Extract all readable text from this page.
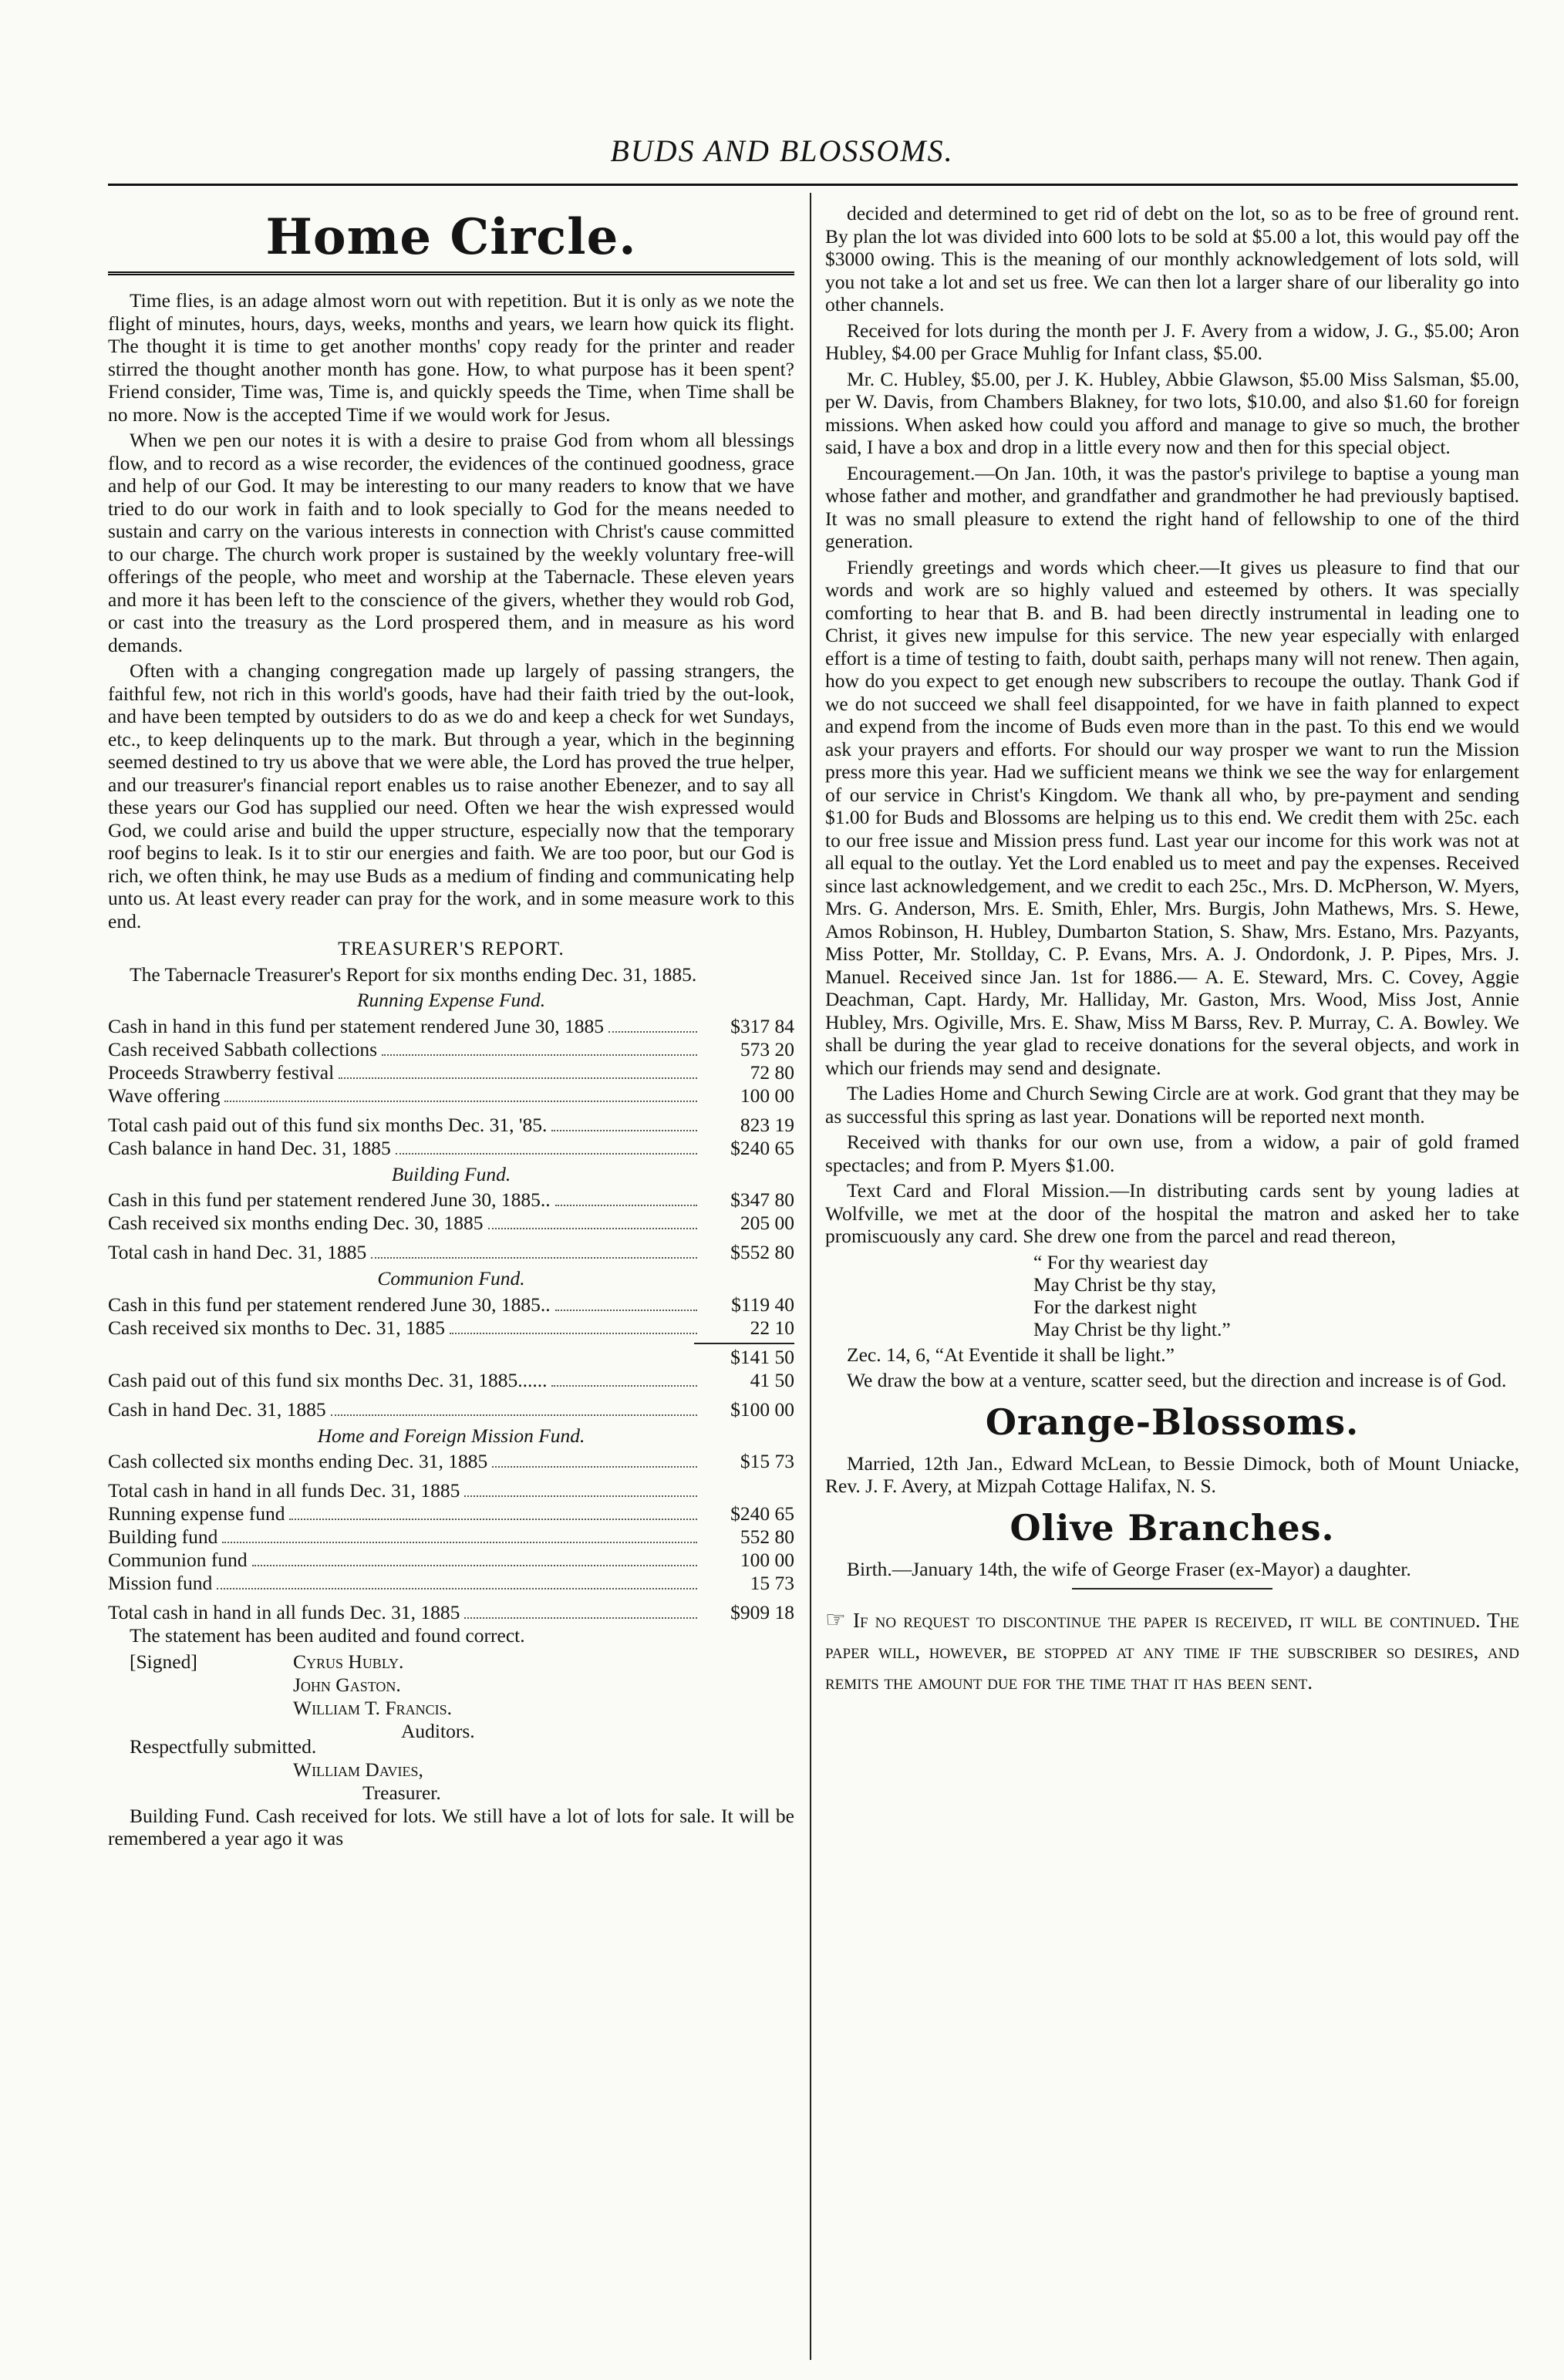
BUDS AND BLOSSOMS.
Home Circle.

Time flies, is an adage almost worn out with repetition. But it is only as we note the flight of minutes, hours, days, weeks, months and years, we learn how quick its flight. The thought it is time to get another months' copy ready for the printer and reader stirred the thought another month has gone. How, to what purpose has it been spent? Friend consider, Time was, Time is, and quickly speeds the Time, when Time shall be no more. Now is the accepted Time if we would work for Jesus.

When we pen our notes it is with a desire to praise God from whom all blessings flow, and to record as a wise recorder, the evidences of the continued goodness, grace and help of our God. It may be interesting to our many readers to know that we have tried to do our work in faith and to look specially to God for the means needed to sustain and carry on the various interests in connection with Christ's cause committed to our charge. The church work proper is sustained by the weekly voluntary free-will offerings of the people, who meet and worship at the Tabernacle. These eleven years and more it has been left to the conscience of the givers, whether they would rob God, or cast into the treasury as the Lord prospered them, and in measure as his word demands.

Often with a changing congregation made up largely of passing strangers, the faithful few, not rich in this world's goods, have had their faith tried by the out-look, and have been tempted by outsiders to do as we do and keep a check for wet Sundays, etc., to keep delinquents up to the mark. But through a year, which in the beginning seemed destined to try us above that we were able, the Lord has proved the true helper, and our treasurer's financial report enables us to raise another Ebenezer, and to say all these years our God has supplied our need. Often we hear the wish expressed would God, we could arise and build the upper structure, especially now that the temporary roof begins to leak. Is it to stir our energies and faith. We are too poor, but our God is rich, we often think, he may use Buds as a medium of finding and communicating help unto us. At least every reader can pray for the work, and in some measure work to this end.

TREASURER'S REPORT.

The Tabernacle Treasurer's Report for six months ending Dec. 31, 1885.

Running Expense Fund.
Cash in hand in this fund per statement rendered June 30, 1885	$317 84
Cash received Sabbath collections	573 20
Proceeds Strawberry festival	72 80
Wave offering	100 00
Total cash paid out of this fund six months Dec. 31, '85.	823 19
Cash balance in hand Dec. 31, 1885	$240 65
Building Fund.
Cash in this fund per statement rendered June 30, 1885..	$347 80
Cash received six months ending Dec. 30, 1885	205 00
Total cash in hand Dec. 31, 1885	$552 80
Communion Fund.
Cash in this fund per statement rendered June 30, 1885..	$119 40
Cash received six months to Dec. 31, 1885	22 10
$141 50
Cash paid out of this fund six months Dec. 31, 1885......	41 50
Cash in hand Dec. 31, 1885	$100 00
Home and Foreign Mission Fund.
Cash collected six months ending Dec. 31, 1885	$15 73
Total cash in hand in all funds Dec. 31, 1885
Running expense fund	$240 65
Building fund	552 80
Communion fund	100 00
Mission fund	15 73
Total cash in hand in all funds Dec. 31, 1885	$909 18

The statement has been audited and found correct.

[Signed]	Cyrus Hubly.
John Gaston.
William T. Francis.
Auditors.
Respectfully submitted.
William Davies,
Treasurer.

Building Fund. Cash received for lots. We still have a lot of lots for sale. It will be remembered a year ago it was

decided and determined to get rid of debt on the lot, so as to be free of ground rent. By plan the lot was divided into 600 lots to be sold at $5.00 a lot, this would pay off the $3000 owing. This is the meaning of our monthly acknowledgement of lots sold, will you not take a lot and set us free. We can then lot a larger share of our liberality go into other channels.

Received for lots during the month per J. F. Avery from a widow, J. G., $5.00; Aron Hubley, $4.00 per Grace Muhlig for Infant class, $5.00.

Mr. C. Hubley, $5.00, per J. K. Hubley, Abbie Glawson, $5.00 Miss Salsman, $5.00, per W. Davis, from Chambers Blakney, for two lots, $10.00, and also $1.60 for foreign missions. When asked how could you afford and manage to give so much, the brother said, I have a box and drop in a little every now and then for this special object.

Encouragement.—On Jan. 10th, it was the pastor's privilege to baptise a young man whose father and mother, and grandfather and grandmother he had previously baptised. It was no small pleasure to extend the right hand of fellowship to one of the third generation.

Friendly greetings and words which cheer.—It gives us pleasure to find that our words and work are so highly valued and esteemed by others. It was specially comforting to hear that B. and B. had been directly instrumental in leading one to Christ, it gives new impulse for this service. The new year especially with enlarged effort is a time of testing to faith, doubt saith, perhaps many will not renew. Then again, how do you expect to get enough new subscribers to recoupe the outlay. Thank God if we do not succeed we shall feel disappointed, for we have in faith planned to expect and expend from the income of Buds even more than in the past. To this end we would ask your prayers and efforts. For should our way prosper we want to run the Mission press more this year. Had we sufficient means we think we see the way for enlargement of our service in Christ's Kingdom. We thank all who, by pre-payment and sending $1.00 for Buds and Blossoms are helping us to this end. We credit them with 25c. each to our free issue and Mission press fund. Last year our income for this work was not at all equal to the outlay. Yet the Lord enabled us to meet and pay the expenses. Received since last acknowledgement, and we credit to each 25c., Mrs. D. McPherson, W. Myers, Mrs. G. Anderson, Mrs. E. Smith, Ehler, Mrs. Burgis, John Mathews, Mrs. S. Hewe, Amos Robinson, H. Hubley, Dumbarton Station, S. Shaw, Mrs. Estano, Mrs. Pazyants, Miss Potter, Mr. Stollday, C. P. Evans, Mrs. A. J. Ondordonk, J. P. Pipes, Mrs. J. Manuel. Received since Jan. 1st for 1886.— A. E. Steward, Mrs. C. Covey, Aggie Deachman, Capt. Hardy, Mr. Halliday, Mr. Gaston, Mrs. Wood, Miss Jost, Annie Hubley, Mrs. Ogiville, Mrs. E. Shaw, Miss M Barss, Rev. P. Murray, C. A. Bowley. We shall be during the year glad to receive donations for the several objects, and work in which our friends may send and designate.

The Ladies Home and Church Sewing Circle are at work. God grant that they may be as successful this spring as last year. Donations will be reported next month.

Received with thanks for our own use, from a widow, a pair of gold framed spectacles; and from P. Myers $1.00.

Text Card and Floral Mission.—In distributing cards sent by young ladies at Wolfville, we met at the door of the hospital the matron and asked her to take promiscuously any card. She drew one from the parcel and read thereon,

“ For thy weariest day
May Christ be thy stay,
For the darkest night
May Christ be thy light.”

Zec. 14, 6, “At Eventide it shall be light.”

We draw the bow at a venture, scatter seed, but the direction and increase is of God.

Orange-Blossoms.

Married, 12th Jan., Edward McLean, to Bessie Dimock, both of Mount Uniacke, Rev. J. F. Avery, at Mizpah Cottage Halifax, N. S.

Olive Branches.

Birth.—January 14th, the wife of George Fraser (ex-Mayor) a daughter.

☞ If no request to discontinue the paper is received, it will be continued. The paper will, however, be stopped at any time if the subscriber so desires, and remits the amount due for the time that it has been sent.
